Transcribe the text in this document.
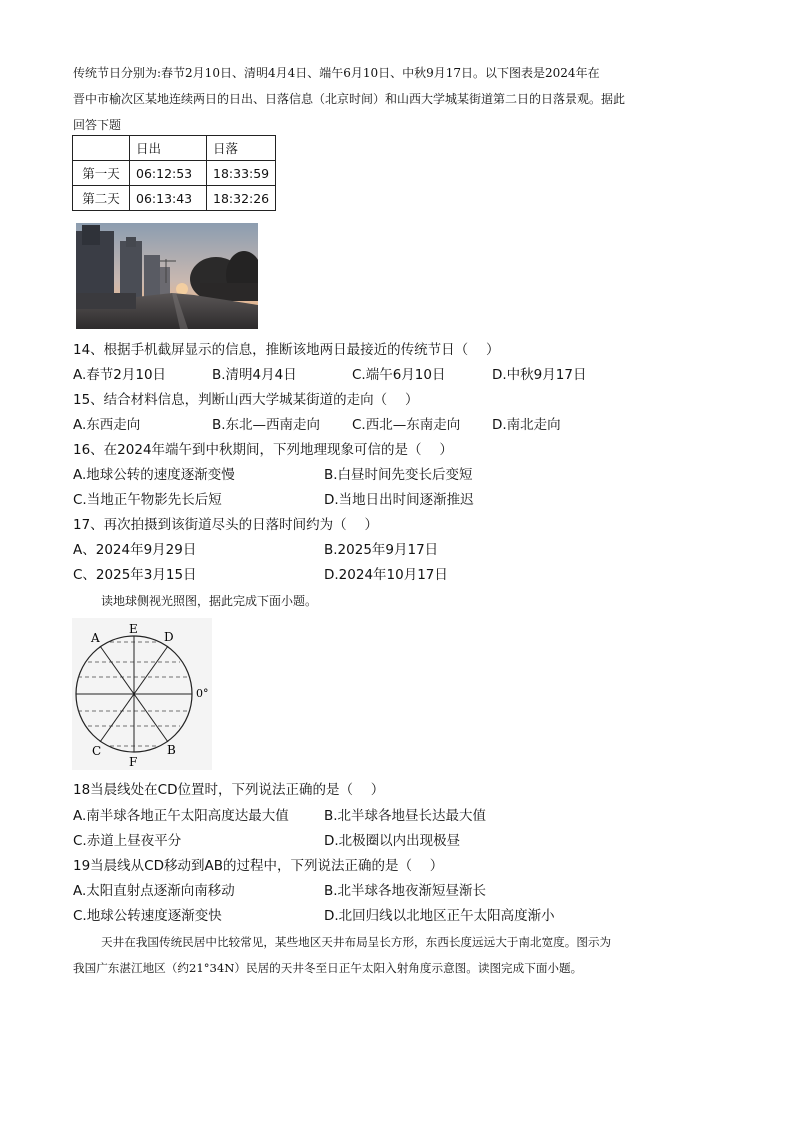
传统节日分别为:春节2月10日、清明4月4日、端午6月10日、中秋9月17日。以下图表是2024年在
晋中市榆次区某地连续两日的日出、日落信息（北京时间）和山西大学城某街道第二日的日落景观。据此
回答下题
	日出	日落
第一天	06:12:53	18:33:59
第二天	06:13:43	18:32:26
14、根据手机截屏显示的信息，推断该地两日最接近的传统节日（　 ）
A.春节2月10日	B.清明4月4日	C.端午6月10日	D.中秋9月17日
15、结合材料信息，判断山西大学城某街道的走向（　 ）
A.东西走向	B.东北—西南走向 C.西北—东南走向 D.南北走向
16、在2024年端午到中秋期间，下列地理现象可信的是（　 ）
A.地球公转的速度逐渐变慢	B.白昼时间先变长后变短
C.当地正午物影先长后短	D.当地日出时间逐渐推迟
17、再次拍摄到该街道尽头的日落时间约为（　 ）
A、2024年9月29日	B.2025年9月17日
C、2025年3月15日	D.2024年10月17日
读地球侧视光照图，据此完成下面小题。
A
E
D
C
F
B
0°
18当晨线处在CD位置时，下列说法正确的是（　 ）
A.南半球各地正午太阳高度达最大值	B.北半球各地昼长达最大值
C.赤道上昼夜平分	D.北极圈以内出现极昼
19当晨线从CD移动到AB的过程中，下列说法正确的是（　 ）
A.太阳直射点逐渐向南移动	B.北半球各地夜渐短昼渐长
C.地球公转速度逐渐变快	D.北回归线以北地区正午太阳高度渐小
天井在我国传统民居中比较常见，某些地区天井布局呈长方形，东西长度远远大于南北宽度。图示为
我国广东湛江地区（约21°34N）民居的天井冬至日正午太阳入射角度示意图。读图完成下面小题。
